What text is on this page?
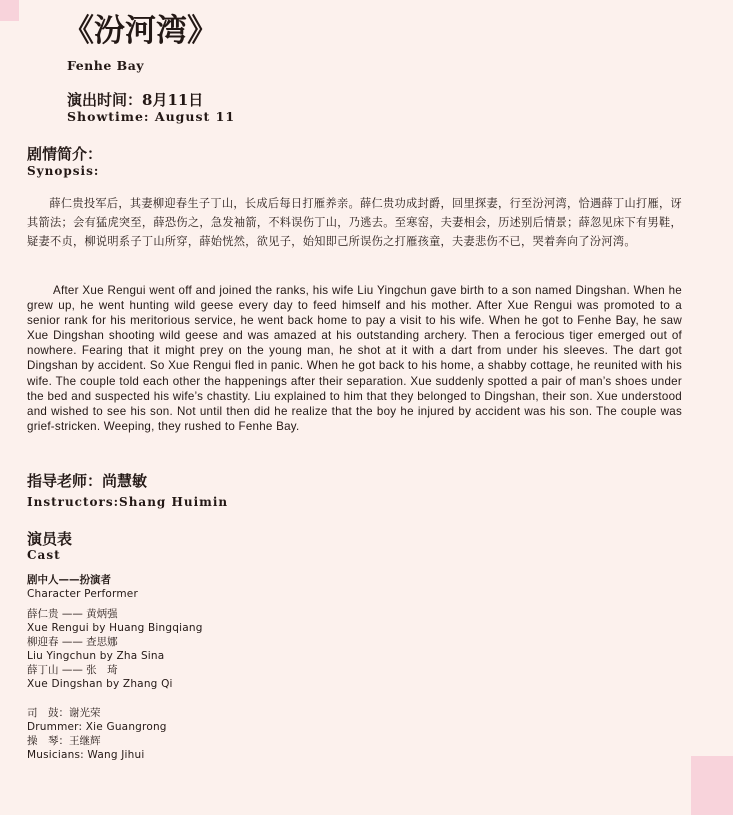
《汾河湾》
Fenhe Bay
演出时间：8月11日
Showtime: August 11
剧情简介：
Synopsis:

薛仁贵投军后，其妻柳迎春生子丁山，长成后每日打雁养亲。薛仁贵功成封爵，回里探妻，行至汾河湾，恰遇薛丁山打雁，讶其箭法；会有猛虎突至，薛恐伤之，急发袖箭，不料误伤丁山，乃逃去。至寒窑，夫妻相会，历述别后情景；薛忽见床下有男鞋，疑妻不贞，柳说明系子丁山所穿，薛始恍然，欲见子，始知即己所误伤之打雁孩童，夫妻悲伤不已，哭着奔向了汾河湾。

After Xue Rengui went off and joined the ranks, his wife Liu Yingchun gave birth to a son named Dingshan. When he grew up, he went hunting wild geese every day to feed himself and his mother. After Xue Rengui was promoted to a senior rank for his meritorious service, he went back home to pay a visit to his wife. When he got to Fenhe Bay, he saw Xue Dingshan shooting wild geese and was amazed at his outstanding archery. Then a ferocious tiger emerged out of nowhere. Fearing that it might prey on the young man, he shot at it with a dart from under his sleeves. The dart got Dingshan by accident. So Xue Rengui fled in panic. When he got back to his home, a shabby cottage, he reunited with his wife. The couple told each other the happenings after their separation. Xue suddenly spotted a pair of man’s shoes under the bed and suspected his wife’s chastity. Liu explained to him that they belonged to Dingshan, their son. Xue understood and wished to see his son. Not until then did he realize that the boy he injured by accident was his son. The couple was grief-stricken. Weeping, they rushed to Fenhe Bay.

指导老师：尚慧敏
Instructors:Shang Huimin
演员表
Cast
剧中人——扮演者
Character Performer
薛仁贵 —— 黄炳强
Xue Rengui by Huang Bingqiang
柳迎春 —— 查思娜
Liu Yingchun by Zha Sina
薛丁山 —— 张　琦
Xue Dingshan by Zhang Qi
司　鼓：谢光荣
Drummer: Xie Guangrong
操　琴：王继辉
Musicians: Wang Jihui
